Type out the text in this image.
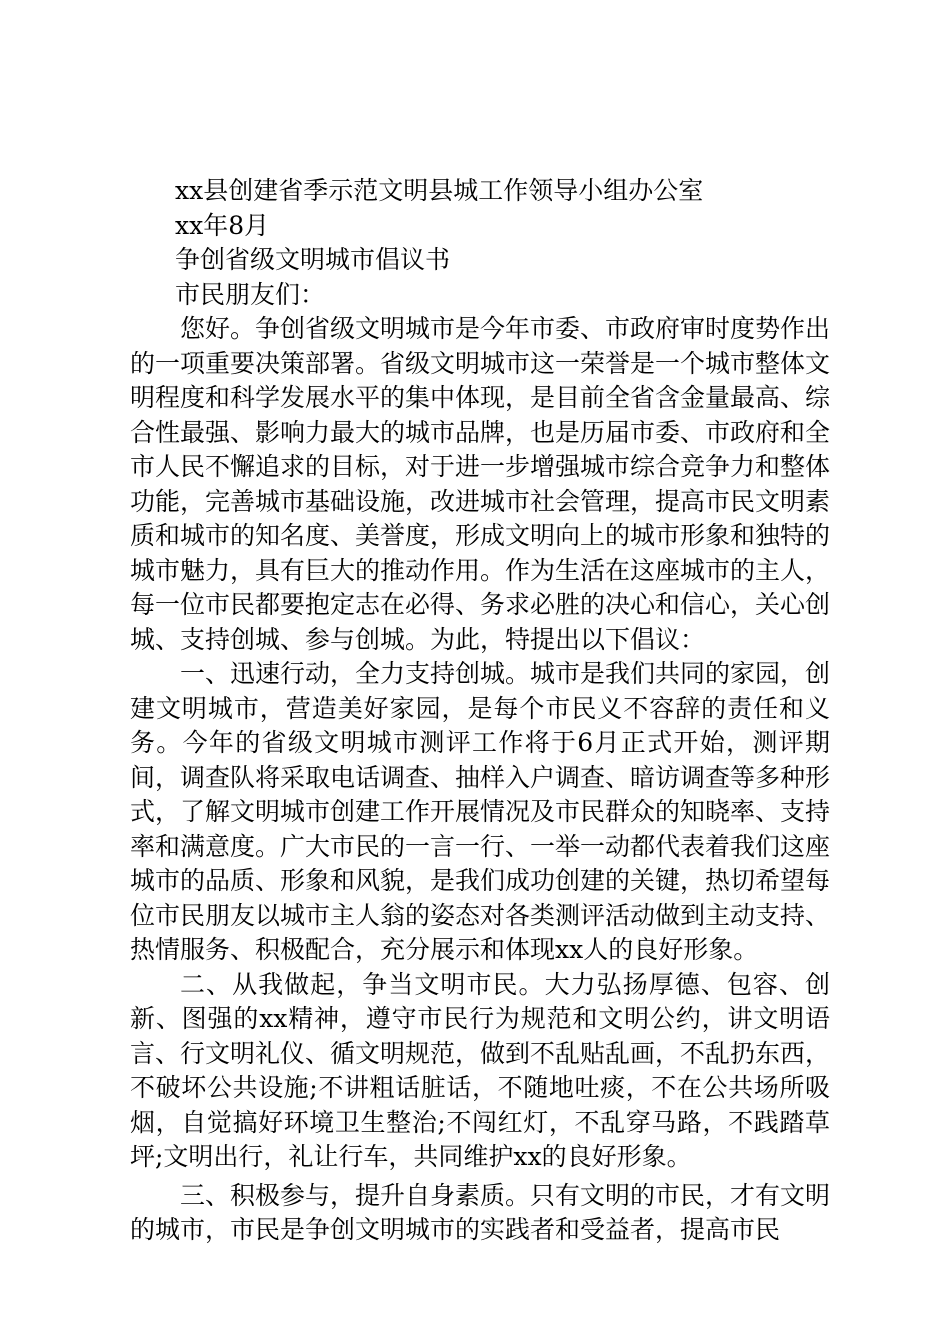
xx县创建省季示范文明县城工作领导小组办公室

xx年8月

争创省级文明城市倡议书

市民朋友们：

您好。争创省级文明城市是今年市委、市政府审时度势作出的一项重要决策部署。省级文明城市这一荣誉是一个城市整体文明程度和科学发展水平的集中体现，是目前全省含金量最高、综合性最强、影响力最大的城市品牌，也是历届市委、市政府和全市人民不懈追求的目标，对于进一步增强城市综合竞争力和整体功能，完善城市基础设施，改进城市社会管理，提高市民文明素质和城市的知名度、美誉度，形成文明向上的城市形象和独特的城市魅力，具有巨大的推动作用。作为生活在这座城市的主人，每一位市民都要抱定志在必得、务求必胜的决心和信心，关心创城、支持创城、参与创城。为此，特提出以下倡议：

一、迅速行动，全力支持创城。城市是我们共同的家园，创建文明城市，营造美好家园，是每个市民义不容辞的责任和义务。今年的省级文明城市测评工作将于6月正式开始，测评期间，调查队将采取电话调查、抽样入户调查、暗访调查等多种形式，了解文明城市创建工作开展情况及市民群众的知晓率、支持率和满意度。广大市民的一言一行、一举一动都代表着我们这座城市的品质、形象和风貌，是我们成功创建的关键，热切希望每位市民朋友以城市主人翁的姿态对各类测评活动做到主动支持、热情服务、积极配合，充分展示和体现xx人的良好形象。

二、从我做起，争当文明市民。大力弘扬厚德、包容、创新、图强的xx精神，遵守市民行为规范和文明公约，讲文明语言、行文明礼仪、循文明规范，做到不乱贴乱画，不乱扔东西，不破坏公共设施;不讲粗话脏话，不随地吐痰，不在公共场所吸烟，自觉搞好环境卫生整治;不闯红灯，不乱穿马路，不践踏草坪;文明出行，礼让行车，共同维护xx的良好形象。

三、积极参与，提升自身素质。只有文明的市民，才有文明的城市，市民是争创文明城市的实践者和受益者，提高市民
